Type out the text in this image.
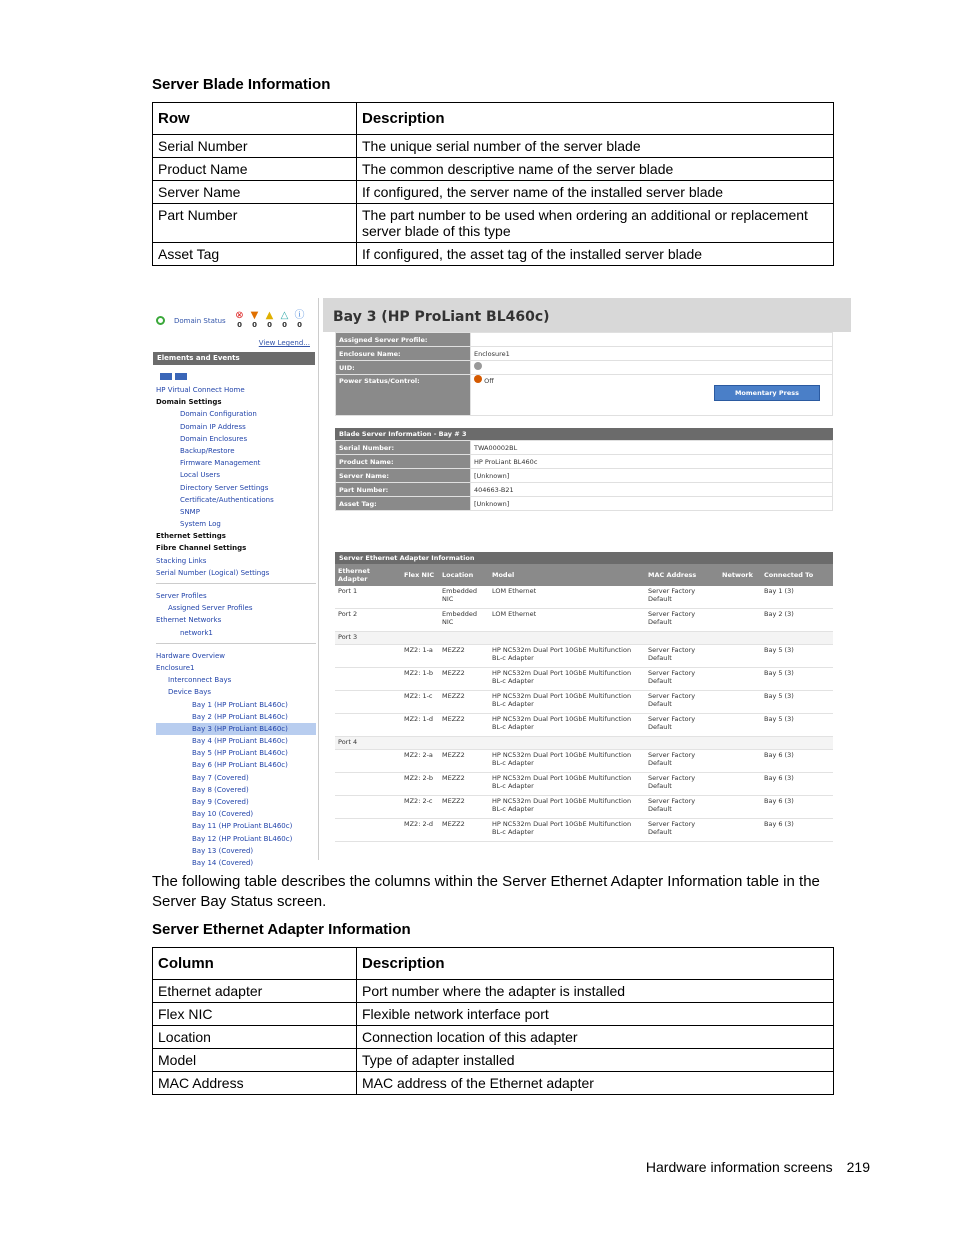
Server Blade Information
Row	Description
Serial Number	The unique serial number of the server blade
Product Name	The common descriptive name of the server blade
Server Name	If configured, the server name of the installed server blade
Part Number	The part number to be used when ordering an additional or replacement server blade of this type
Asset Tag	If configured, the asset tag of the installed server blade
Domain Status ⊗
0
▼
0
▲
0
△
0
ⓘ
0
View Legend...
Elements and Events
HP Virtual Connect Home
Domain Settings
Domain Configuration
Domain IP Address
Domain Enclosures
Backup/Restore
Firmware Management
Local Users
Directory Server Settings
Certificate/Authentications
SNMP
System Log
Ethernet Settings
Fibre Channel Settings
Stacking Links
Serial Number (Logical) Settings
Server Profiles
Assigned Server Profiles
Ethernet Networks
network1
Hardware Overview
Enclosure1
Interconnect Bays
Device Bays
Bay 1 (HP ProLiant BL460c)
Bay 2 (HP ProLiant BL460c)
Bay 3 (HP ProLiant BL460c)
Bay 4 (HP ProLiant BL460c)
Bay 5 (HP ProLiant BL460c)
Bay 6 (HP ProLiant BL460c)
Bay 7 (Covered)
Bay 8 (Covered)
Bay 9 (Covered)
Bay 10 (Covered)
Bay 11 (HP ProLiant BL460c)
Bay 12 (HP ProLiant BL460c)
Bay 13 (Covered)
Bay 14 (Covered)
Bay 3 (HP ProLiant BL460c)
Assigned Server Profile:	
Enclosure Name:	Enclosure1
UID:	
Power Status/Control:	Off
Momentary Press
Blade Server Information - Bay # 3
Serial Number:	TWA00002BL
Product Name:	HP ProLiant BL460c
Server Name:	[Unknown]
Part Number:	404663-B21
Asset Tag:	[Unknown]
Server Ethernet Adapter Information
Ethernet Adapter	Flex NIC	Location	Model	MAC Address	Network	Connected To
Port 1		Embedded NIC	LOM Ethernet	Server Factory Default		Bay 1 (3)
Port 2		Embedded NIC	LOM Ethernet	Server Factory Default		Bay 2 (3)
Port 3						
	MZ2: 1-a	MEZZ2	HP NC532m Dual Port 10GbE Multifunction BL-c Adapter	Server Factory Default		Bay 5 (3)
	MZ2: 1-b	MEZZ2	HP NC532m Dual Port 10GbE Multifunction BL-c Adapter	Server Factory Default		Bay 5 (3)
	MZ2: 1-c	MEZZ2	HP NC532m Dual Port 10GbE Multifunction BL-c Adapter	Server Factory Default		Bay 5 (3)
	MZ2: 1-d	MEZZ2	HP NC532m Dual Port 10GbE Multifunction BL-c Adapter	Server Factory Default		Bay 5 (3)
Port 4						
	MZ2: 2-a	MEZZ2	HP NC532m Dual Port 10GbE Multifunction BL-c Adapter	Server Factory Default		Bay 6 (3)
	MZ2: 2-b	MEZZ2	HP NC532m Dual Port 10GbE Multifunction BL-c Adapter	Server Factory Default		Bay 6 (3)
	MZ2: 2-c	MEZZ2	HP NC532m Dual Port 10GbE Multifunction BL-c Adapter	Server Factory Default		Bay 6 (3)
	MZ2: 2-d	MEZZ2	HP NC532m Dual Port 10GbE Multifunction BL-c Adapter	Server Factory Default		Bay 6 (3)
The following table describes the columns within the Server Ethernet Adapter Information table in the Server Bay Status screen.
Server Ethernet Adapter Information
Column	Description
Ethernet adapter	Port number where the adapter is installed
Flex NIC	Flexible network interface port
Location	Connection location of this adapter
Model	Type of adapter installed
MAC Address	MAC address of the Ethernet adapter
Hardware information screens 219
